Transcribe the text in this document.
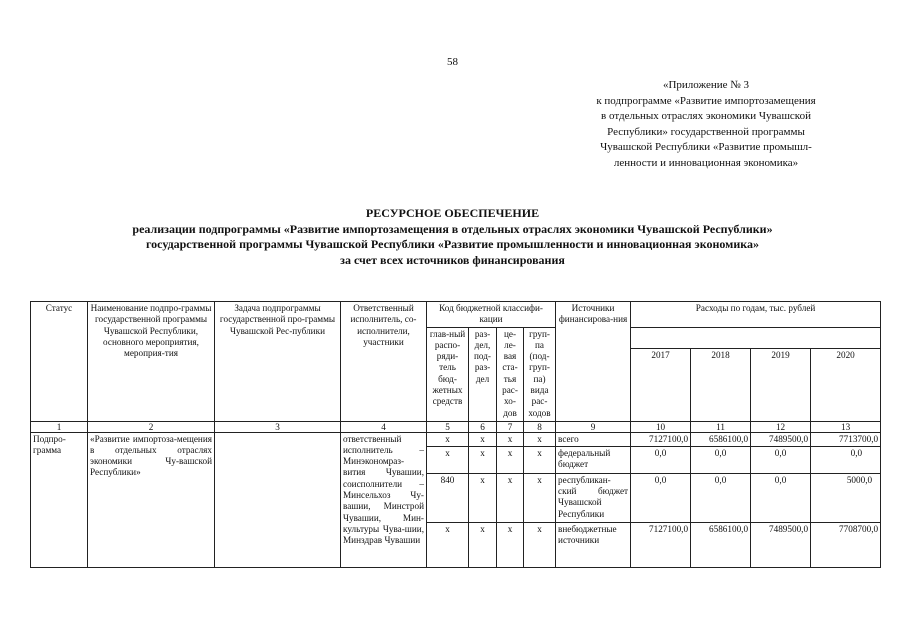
58
«Приложение № 3
к подпрограмме «Развитие импортозамещения
в отдельных отраслях экономики Чувашской
Республики» государственной программы
Чувашской Республики «Развитие промышл-
ленности и инновационная экономика»
РЕСУРСНОЕ ОБЕСПЕЧЕНИЕ
реализации подпрограммы «Развитие импортозамещения в отдельных отраслях экономики Чувашской Республики»
государственной программы Чувашской Республики «Развитие промышленности и инновационная экономика»
за счет всех источников финансирования
Статус	Наименование подпро-граммы государственной программы Чувашской Республики, основного мероприятия, мероприя-тия	Задача подпрограммы государственной про-граммы Чувашской Рес-публики	Ответственный исполнитель, со-исполнители, участники	Код бюджетной классифи-кации				Источники финансирова-ния	Расходы по годам, тыс. рублей			
				глав-ный распо-ряди-тель бюд-жетных средств	раз-дел, под-раз-дел	це-ле-вая ста-тья рас-хо-дов	груп-па (под-груп-па) вида рас-ходов					
									2017	2018	2019	2020
1	2	3	4	5	6	7	8	9	10	11	12	13
Подпро-грамма	«Развитие импортоза-мещения в отдельных отраслях экономики Чу-вашской Республики»		ответственный исполнитель – Минэкономраз-вития Чувашии, соисполнители – Минсельхоз Чу-вашии, Минстрой Чувашии, Мин-культуры Чува-шии, Минздрав Чувашии	x	x	x	x	всего	7127100,0	6586100,0	7489500,0	7713700,0
				x	x	x	x	федеральный бюджет	0,0	0,0	0,0	0,0
				840	x	x	x	республикан-ский бюджет Чувашской Республики	0,0	0,0	0,0	5000,0
				x	x	x	x	внебюджетные источники	7127100,0	6586100,0	7489500,0	7708700,0
